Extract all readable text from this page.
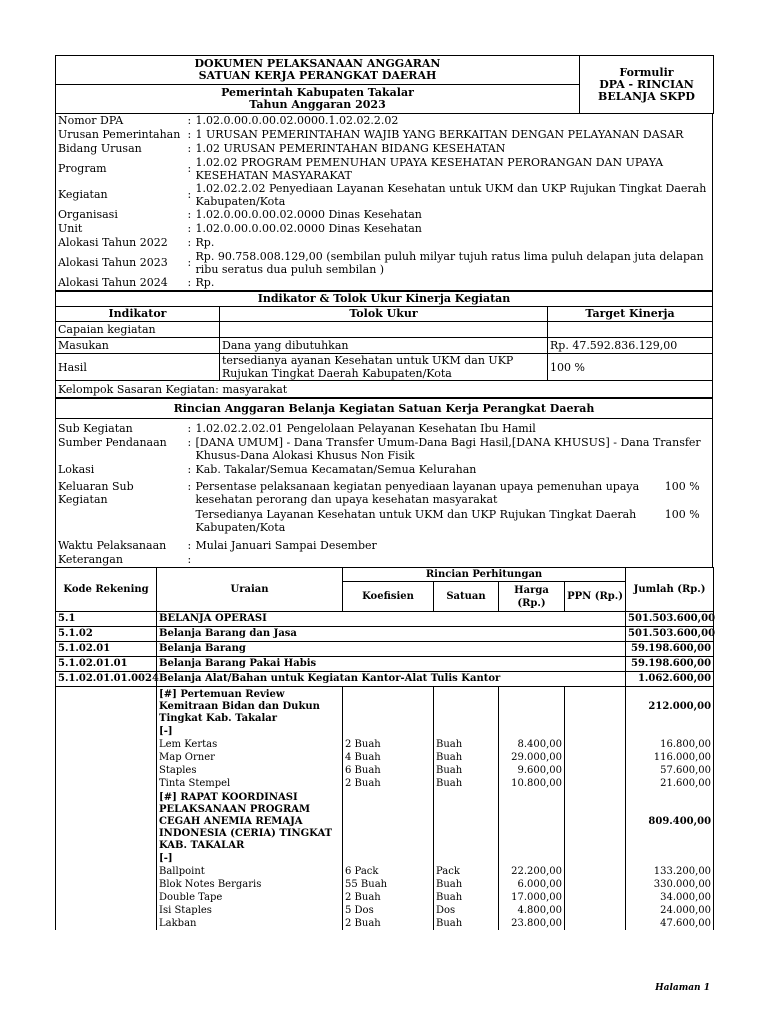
DOKUMEN PELAKSANAAN ANGGARAN
SATUAN KERJA PERANGKAT DAERAH	Formulir
DPA - RINCIAN
BELANJA SKPD

Pemerintah Kabupaten Takalar
Tahun Anggaran 2023
Nomor DPA	:	1.02.0.00.0.00.02.0000.1.02.02.2.02
Urusan Pemerintahan	:	1 URUSAN PEMERINTAHAN WAJIB YANG BERKAITAN DENGAN PELAYANAN DASAR
Bidang Urusan	:	1.02 URUSAN PEMERINTAHAN BIDANG KESEHATAN
Program	:	1.02.02 PROGRAM PEMENUHAN UPAYA KESEHATAN PERORANGAN DAN UPAYA KESEHATAN MASYARAKAT
Kegiatan	:	1.02.02.2.02 Penyediaan Layanan Kesehatan untuk UKM dan UKP Rujukan Tingkat Daerah Kabupaten/Kota
Organisasi	:	1.02.0.00.0.00.02.0000 Dinas Kesehatan
Unit	:	1.02.0.00.0.00.02.0000 Dinas Kesehatan
Alokasi Tahun 2022	:	Rp.
Alokasi Tahun 2023	:	Rp. 90.758.008.129,00 (sembilan puluh milyar tujuh ratus lima puluh delapan juta delapan ribu seratus dua puluh sembilan )
Alokasi Tahun 2024	:	Rp.
Indikator & Tolok Ukur Kinerja Kegiatan		
Indikator	Tolok Ukur	Target Kinerja
Capaian kegiatan		
Masukan	Dana yang dibutuhkan	Rp. 47.592.836.129,00
Hasil	tersedianya ayanan Kesehatan untuk UKM dan UKP Rujukan Tingkat Daerah Kabupaten/Kota	100 %
Kelompok Sasaran Kegiatan: masyarakat		
Rincian Anggaran Belanja Kegiatan Satuan Kerja Perangkat Daerah			
Sub Kegiatan	:	1.02.02.2.02.01 Pengelolaan Pelayanan Kesehatan Ibu Hamil	
Sumber Pendanaan	:	[DANA UMUM] - Dana Transfer Umum-Dana Bagi Hasil,[DANA KHUSUS] - Dana Transfer Khusus-Dana Alokasi Khusus Non Fisik	
Lokasi	:	Kab. Takalar/Semua Kecamatan/Semua Kelurahan	
Keluaran Sub Kegiatan	:	Persentase pelaksanaan kegiatan penyediaan layanan upaya pemenuhan upaya kesehatan perorang dan upaya kesehatan masyarakat	100 %
		Tersedianya Layanan Kesehatan untuk UKM dan UKP Rujukan Tingkat Daerah Kabupaten/Kota	100 %
Waktu Pelaksanaan	:	Mulai Januari Sampai Desember	
Keterangan	:		
Kode Rekening	Uraian	Rincian Perhitungan				Jumlah (Rp.)
		Koefisien	Satuan	Harga (Rp.)	PPN (Rp.)	
5.1	BELANJA OPERASI					501.503.600,00
5.1.02	Belanja Barang dan Jasa					501.503.600,00
5.1.02.01	Belanja Barang					59.198.600,00
5.1.02.01.01	Belanja Barang Pakai Habis					59.198.600,00
5.1.02.01.01.0024	Belanja Alat/Bahan untuk Kegiatan Kantor-Alat Tulis Kantor					1.062.600,00
	[#] Pertemuan Review Kemitraan Bidan dan Dukun Tingkat Kab. Takalar					212.000,00
	[-]					
	Lem Kertas	2 Buah	Buah	8.400,00		16.800,00
	Map Orner	4 Buah	Buah	29.000,00		116.000,00
	Staples	6 Buah	Buah	9.600,00		57.600,00
	Tinta Stempel	2 Buah	Buah	10.800,00		21.600,00
	[#] RAPAT KOORDINASI PELAKSANAAN PROGRAM CEGAH ANEMIA REMAJA INDONESIA (CERIA) TINGKAT KAB. TAKALAR					809.400,00
	[-]					
	Ballpoint	6 Pack	Pack	22.200,00		133.200,00
	Blok Notes Bergaris	55 Buah	Buah	6.000,00		330.000,00
	Double Tape	2 Buah	Buah	17.000,00		34.000,00
	Isi Staples	5 Dos	Dos	4.800,00		24.000,00
	Lakban	2 Buah	Buah	23.800,00		47.600,00
Halaman 1
